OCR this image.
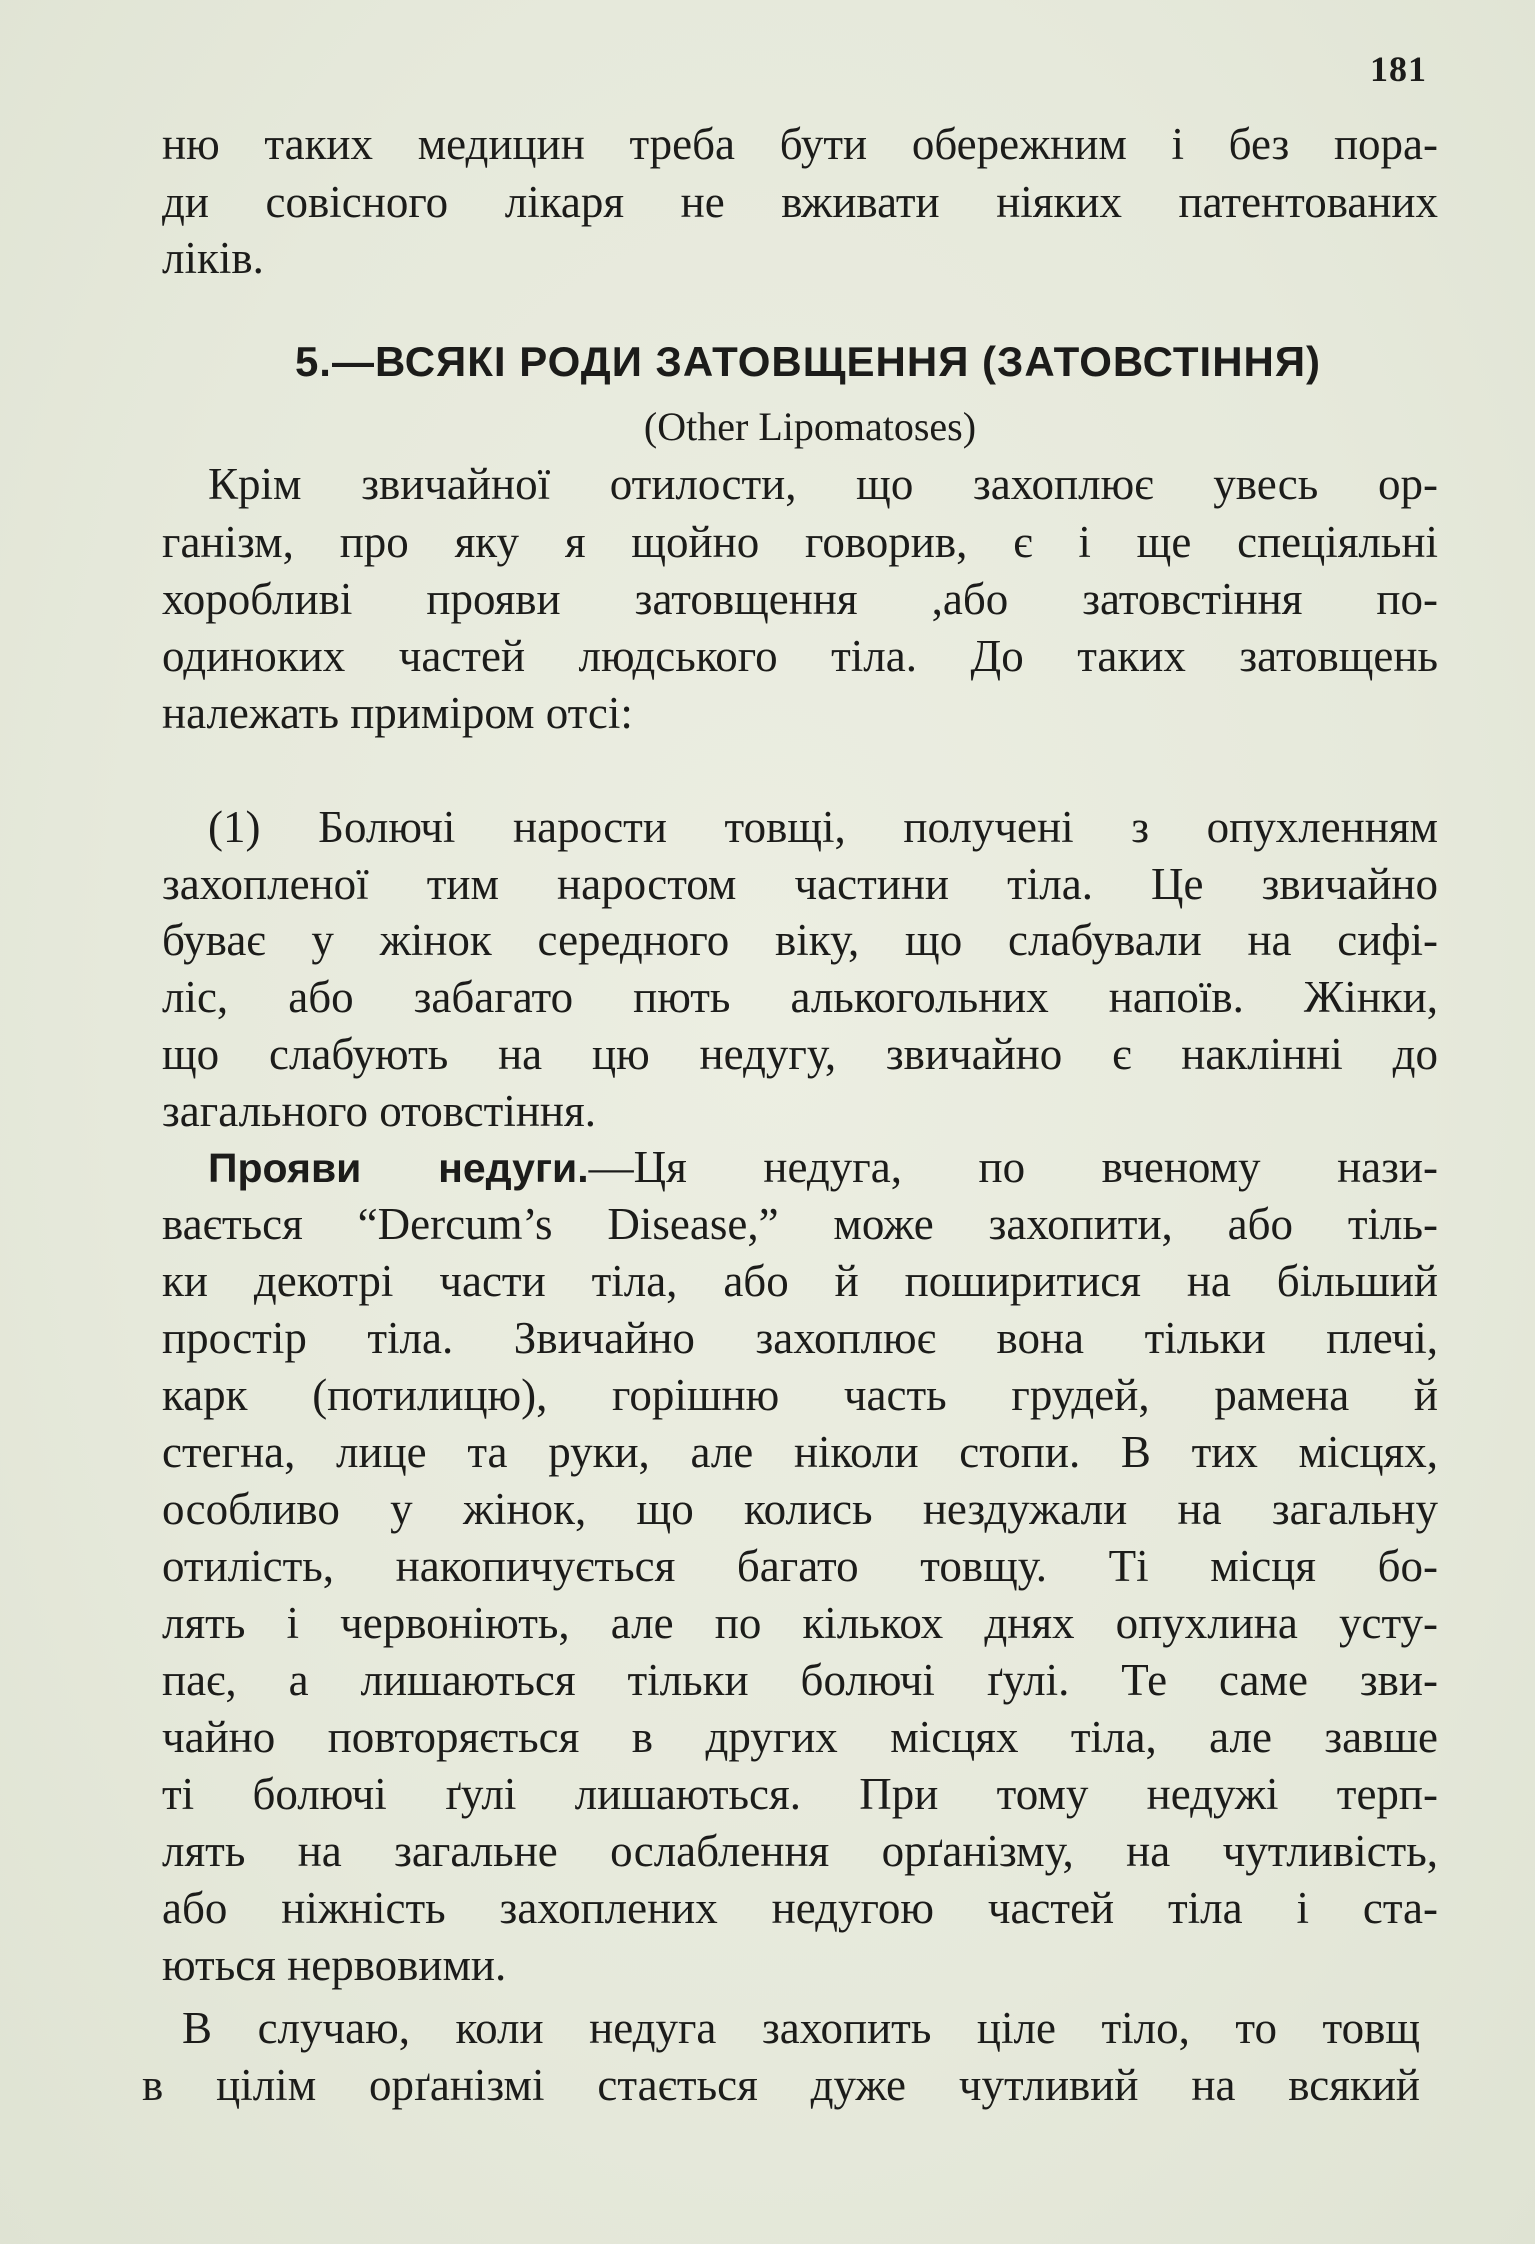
181
ню таких медицин треба бути обережним і без пора-
ди совісного лікаря не вживати ніяких патентованих
ліків.
5.—ВСЯКІ РОДИ ЗАТОВЩЕННЯ (ЗАТОВСТІННЯ)
(Other Lipomatoses)
Крім звичайної отилости, що захоплює увесь ор-
ганізм, про яку я щойно говорив, є і ще спеціяльні
хоробливі прояви затовщення ,або затовстіння по-
одиноких частей людського тіла. До таких затовщень
належать приміром отсі:
(1) Болючі нарости товщі, получені з опухленням
захопленої тим наростом частини тіла. Це звичайно
буває у жінок середного віку, що слабували на сифі-
ліс, або забагато пють алькогольних напоїв. Жінки,
що слабують на цю недугу, звичайно є наклінні до
загального отовстіння.
Прояви недуги.—Ця недуга, по вченому нази-
вається “Dercum’s Disease,” може захопити, або тіль-
ки декотрі части тіла, або й поширитися на більший
простір тіла. Звичайно захоплює вона тільки плечі,
карк (потилицю), горішню часть грудей, рамена й
стегна, лице та руки, але ніколи стопи. В тих місцях,
особливо у жінок, що колись нездужали на загальну
отилість, накопичується багато товщу. Ті місця бо-
лять і червоніють, але по кількох днях опухлина усту-
пає, а лишаються тільки болючі ґулі. Те саме зви-
чайно повторяється в других місцях тіла, але завше
ті болючі ґулі лишаються. При тому недужі терп-
лять на загальне ослаблення орґанізму, на чутливість,
або ніжність захоплених недугою частей тіла і ста-
ються нервовими.
В случаю, коли недуга захопить ціле тіло, то товщ
в цілім орґанізмі стається дуже чутливий на всякий
